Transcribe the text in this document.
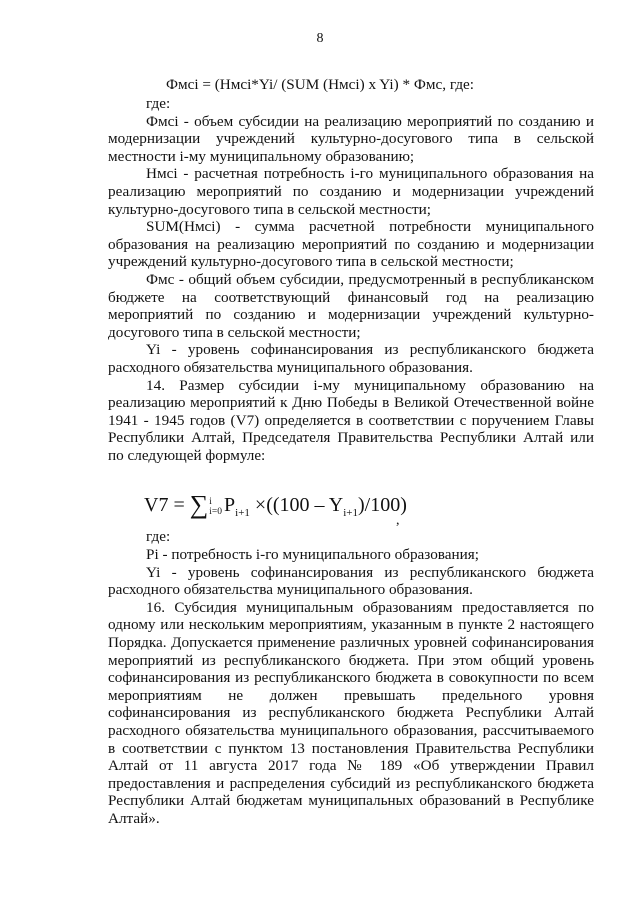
8
Фмсi = (Нмсi*Yi/ (SUM (Нмсi) x Yi) * Фмс, где:

где:

Фмсi - объем субсидии на реализацию мероприятий по созданию и модернизации учреждений культурно-досугового типа в сельской местности i-му муниципальному образованию;

Нмсi - расчетная потребность i-го муниципального образования на реализацию мероприятий по созданию и модернизации учреждений культурно-досугового типа в сельской местности;

SUM(Нмсi) - сумма расчетной потребности муниципального образования на реализацию мероприятий по созданию и модернизации учреждений культурно-досугового типа в сельской местности;

Фмс - общий объем субсидии, предусмотренный в республиканском бюджете на соответствующий финансовый год на реализацию мероприятий по созданию и модернизации учреждений культурно-досугового типа в сельской местности;

Yi - уровень софинансирования из республиканского бюджета расходного обязательства муниципального образования.

14. Размер субсидии i-му муниципальному образованию на реализацию мероприятий к Дню Победы в Великой Отечественной войне 1941 - 1945 годов (V7) определяется в соответствии с поручением Главы Республики Алтай, Председателя Правительства Республики Алтай или по следующей формуле:

V7 = ∑ i
i=0 $P_{i+1} \times((100 - Y_{i+1})/100)$
,

где:

Pi - потребность i-го муниципального образования;

Yi - уровень софинансирования из республиканского бюджета расходного обязательства муниципального образования.

16. Субсидия муниципальным образованиям предоставляется по одному или нескольким мероприятиям, указанным в пункте 2 настоящего Порядка. Допускается применение различных уровней софинансирования мероприятий из республиканского бюджета. При этом общий уровень софинансирования из республиканского бюджета в совокупности по всем мероприятиям не должен превышать предельного уровня софинансирования из республиканского бюджета Республики Алтай расходного обязательства муниципального образования, рассчитываемого в соответствии с пунктом 13 постановления Правительства Республики Алтай от 11 августа 2017 года № 189 «Об утверждении Правил предоставления и распределения субсидий из республиканского бюджета Республики Алтай бюджетам муниципальных образований в Республике Алтай».
